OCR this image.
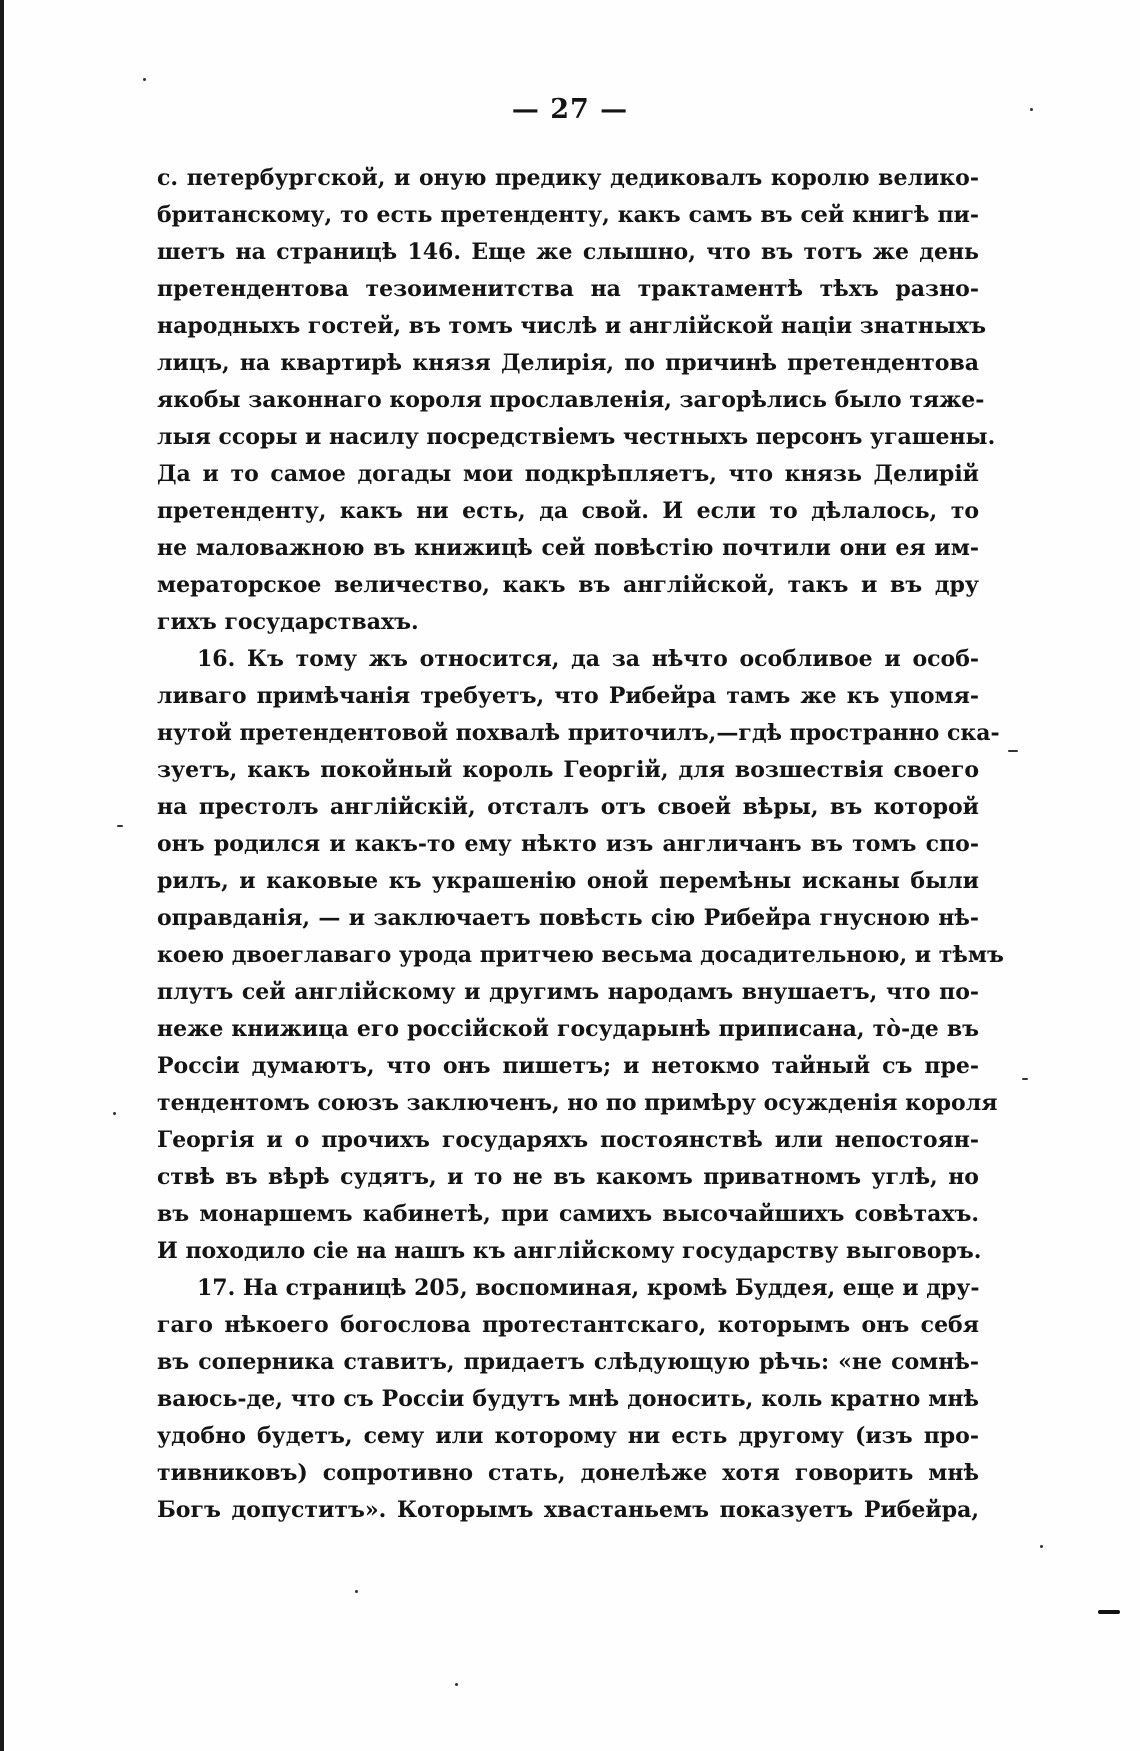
— 27 —
с. петербургской, и оную предику дедиковалъ королю велико-
британскому, то есть претенденту, какъ самъ въ сей книгѣ пи-
шетъ на страницѣ 146. Еще же слышно, что въ тотъ же день
претендентова тезоименитства на трактаментѣ тѣхъ разно-
народныхъ гостей, въ томъ числѣ и англійской націи знатныхъ
лицъ, на квартирѣ князя Делирія, по причинѣ претендентова
якобы законнаго короля прославленія, загорѣлись было тяже-
лыя ссоры и насилу посредствіемъ честныхъ персонъ угашены.
Да и то самое догады мои подкрѣпляетъ, что князь Делирій
претенденту, какъ ни есть, да свой. И если то дѣлалось, то
не маловажною въ книжицѣ сей повѣстію почтили они ея им-
мераторское величество, какъ въ англійской, такъ и въ дру
гихъ государствахъ.
16. Къ тому жъ относится, да за нѣчто особливое и особ-
ливаго примѣчанія требуетъ, что Рибейра тамъ же къ упомя-
нутой претендентовой похвалѣ приточилъ,—гдѣ пространно ска-
зуетъ, какъ покойный король Георгій, для возшествія своего
на престолъ англійскій, отсталъ отъ своей вѣры, въ которой
онъ родился и какъ-то ему нѣкто изъ англичанъ въ томъ спо-
рилъ, и каковые къ украшенію оной перемѣны исканы были
оправданія, — и заключаетъ повѣсть сію Рибейра гнусною нѣ-
коею двоеглаваго урода притчею весьма досадительною, и тѣмъ
плутъ сей англійскому и другимъ народамъ внушаетъ, что по-
неже книжица его россійской государынѣ приписана, тò-де въ
Россіи думаютъ, что онъ пишетъ; и нетокмо тайный съ пре-
тендентомъ союзъ заключенъ, но по примѣру осужденія короля
Георгія и о прочихъ государяхъ постоянствѣ или непостоян-
ствѣ въ вѣрѣ судятъ, и то не въ какомъ приватномъ углѣ, но
въ монаршемъ кабинетѣ, при самихъ высочайшихъ совѣтахъ.
И походило сіе на нашъ къ англійскому государству выговоръ.
17. На страницѣ 205, воспоминая, кромѣ Буддея, еще и дру-
гаго нѣкоего богослова протестантскаго, которымъ онъ себя
въ соперника ставитъ, придаетъ слѣдующую рѣчь: «не сомнѣ-
ваюсь-де, что съ Россіи будутъ мнѣ доносить, коль кратно мнѣ
удобно будетъ, сему или которому ни есть другому (изъ про-
тивниковъ) сопротивно стать, донелѣже хотя говорить мнѣ
Богъ допуститъ». Которымъ хвастаньемъ показуетъ Рибейра,
